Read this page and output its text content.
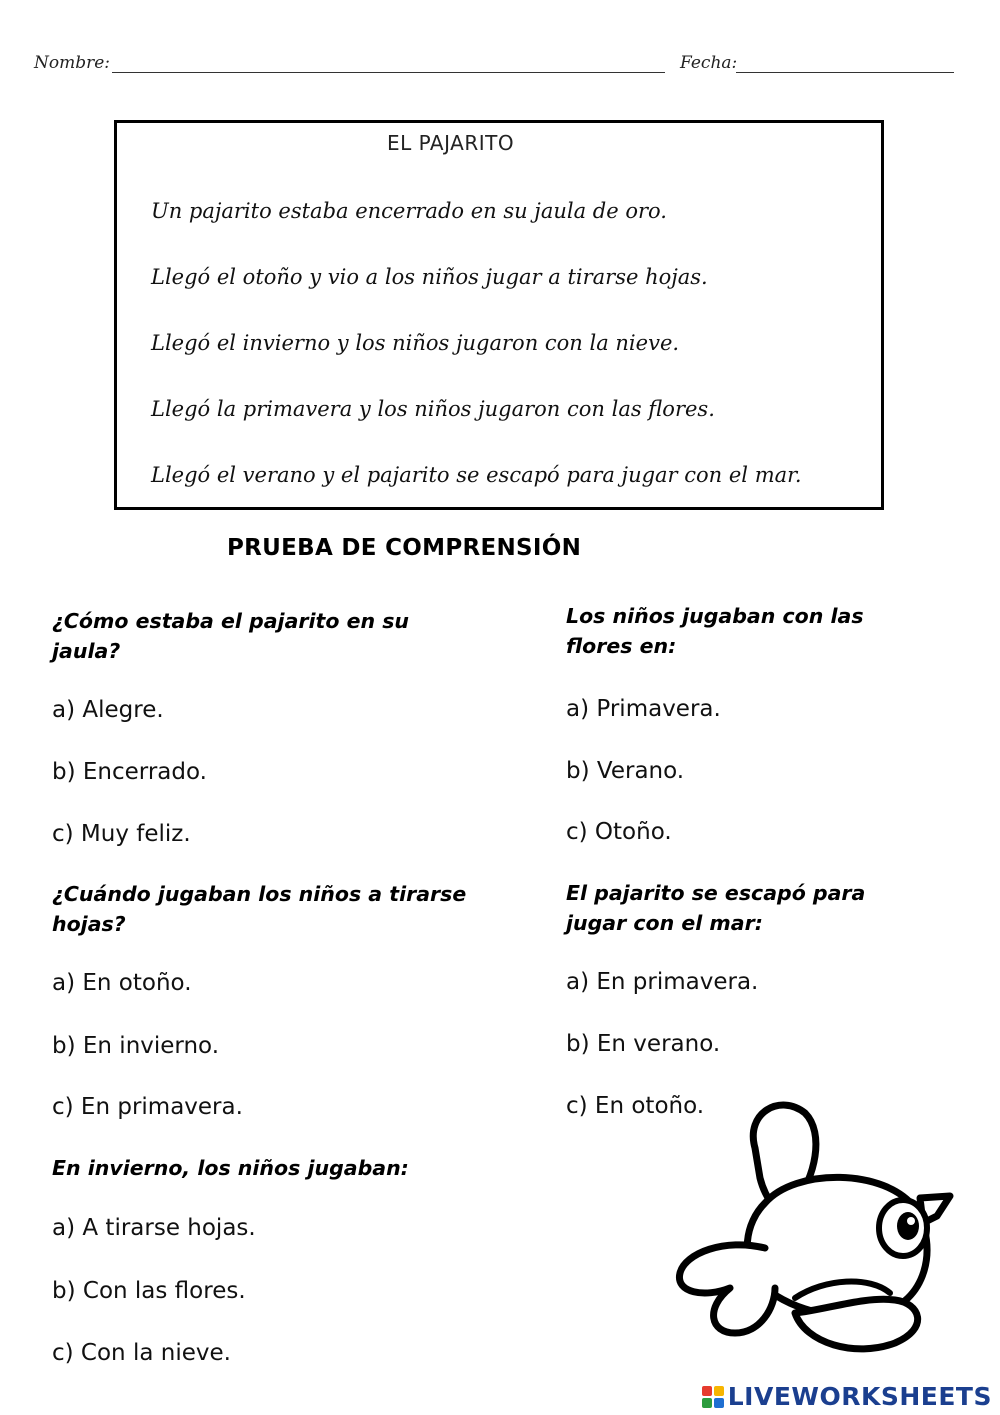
Nombre:	Fecha:
EL PAJARITO
Un pajarito estaba encerrado en su jaula de oro.
Llegó el otoño y vio a los niños jugar a tirarse hojas.
Llegó el invierno y los niños jugaron con la nieve.
Llegó la primavera y los niños jugaron con las flores.
Llegó el verano y el pajarito se escapó para jugar con el mar.
PRUEBA DE COMPRENSIÓN
¿Cómo estaba el pajarito en su jaula?
a) Alegre.
b) Encerrado.
c) Muy feliz.
¿Cuándo jugaban los niños a tirarse hojas?
a) En otoño.
b) En invierno.
c) En primavera.
En invierno, los niños jugaban:
a) A tirarse hojas.
b) Con las flores.
c) Con la nieve.
Los niños jugaban con las flores en:
a) Primavera.
b) Verano.
c) Otoño.
El pajarito se escapó para jugar con el mar:
a) En primavera.
b) En verano.
c) En otoño.
LIVEWORKSHEETS
